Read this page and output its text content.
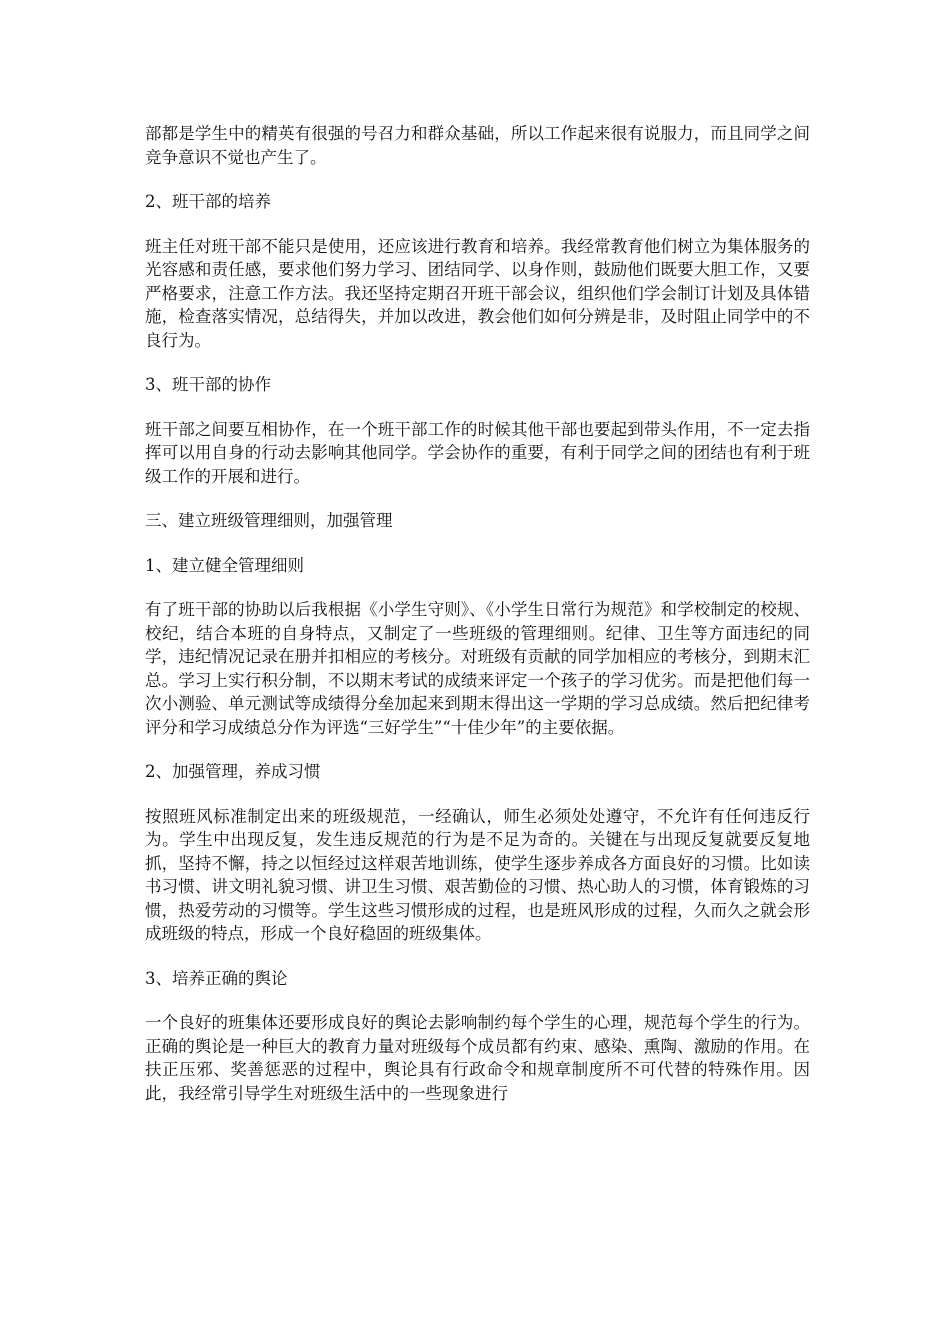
部都是学生中的精英有很强的号召力和群众基础，所以工作起来很有说服力，而且同学之间竞争意识不觉也产生了。

2、班干部的培养

班主任对班干部不能只是使用，还应该进行教育和培养。我经常教育他们树立为集体服务的光容感和责任感，要求他们努力学习、团结同学、以身作则，鼓励他们既要大胆工作，又要严格要求，注意工作方法。我还坚持定期召开班干部会议，组织他们学会制订计划及具体错施，检查落实情况，总结得失，并加以改进，教会他们如何分辨是非，及时阻止同学中的不良行为。

3、班干部的协作

班干部之间要互相协作，在一个班干部工作的时候其他干部也要起到带头作用，不一定去指挥可以用自身的行动去影响其他同学。学会协作的重要，有利于同学之间的团结也有利于班级工作的开展和进行。

三、建立班级管理细则，加强管理

1、建立健全管理细则

有了班干部的协助以后我根据《小学生守则》、《小学生日常行为规范》和学校制定的校规、校纪，结合本班的自身特点，又制定了一些班级的管理细则。纪律、卫生等方面违纪的同学，违纪情况记录在册并扣相应的考核分。对班级有贡献的同学加相应的考核分，到期末汇总。学习上实行积分制，不以期末考试的成绩来评定一个孩子的学习优劣。而是把他们每一次小测验、单元测试等成绩得分垒加起来到期末得出这一学期的学习总成绩。然后把纪律考评分和学习成绩总分作为评选“三好学生”“十佳少年”的主要依据。

2、加强管理，养成习惯

按照班风标准制定出来的班级规范，一经确认，师生必须处处遵守，不允许有任何违反行为。学生中出现反复，发生违反规范的行为是不足为奇的。关键在与出现反复就要反复地抓，坚持不懈，持之以恒经过这样艰苦地训练，使学生逐步养成各方面良好的习惯。比如读书习惯、讲文明礼貌习惯、讲卫生习惯、艰苦勤俭的习惯、热心助人的习惯，体育锻炼的习惯，热爱劳动的习惯等。学生这些习惯形成的过程，也是班风形成的过程，久而久之就会形成班级的特点，形成一个良好稳固的班级集体。

3、培养正确的舆论

一个良好的班集体还要形成良好的舆论去影响制约每个学生的心理，规范每个学生的行为。正确的舆论是一种巨大的教育力量对班级每个成员都有约束、感染、熏陶、激励的作用。在扶正压邪、奖善惩恶的过程中，舆论具有行政命令和规章制度所不可代替的特殊作用。因此，我经常引导学生对班级生活中的一些现象进行
